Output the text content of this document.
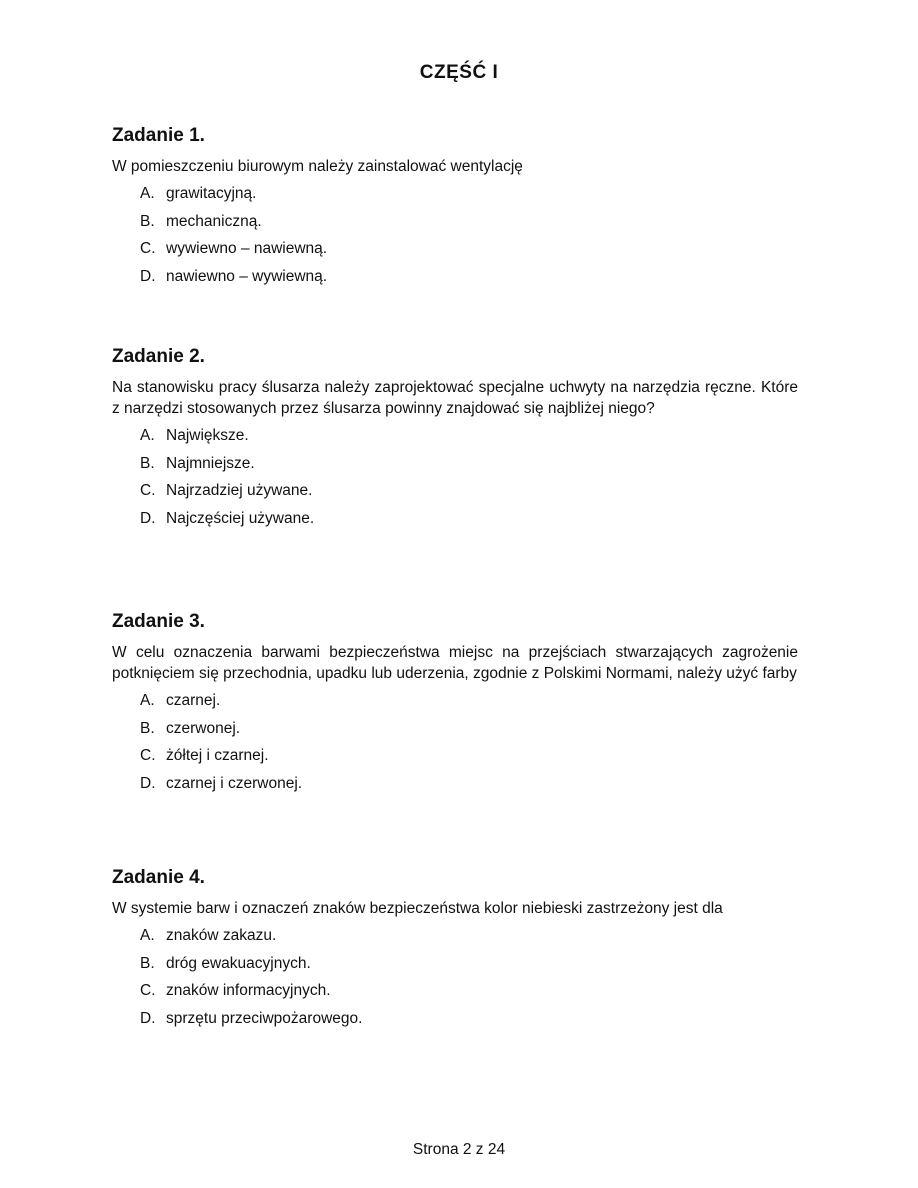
CZĘŚĆ I
Zadanie 1.

W pomieszczeniu biurowym należy zainstalować wentylację

A. grawitacyjną.
B. mechaniczną.
C. wywiewno – nawiewną.
D. nawiewno – wywiewną.
Zadanie 2.

Na stanowisku pracy ślusarza należy zaprojektować specjalne uchwyty na narzędzia ręczne. Które z narzędzi stosowanych przez ślusarza powinny znajdować się najbliżej niego?

A. Największe.
B. Najmniejsze.
C. Najrzadziej używane.
D. Najczęściej używane.
Zadanie 3.

W celu oznaczenia barwami bezpieczeństwa miejsc na przejściach stwarzających zagrożenie potknięciem się przechodnia, upadku lub uderzenia, zgodnie z Polskimi Normami, należy użyć farby

A. czarnej.
B. czerwonej.
C. żółtej i czarnej.
D. czarnej i czerwonej.
Zadanie 4.

W systemie barw i oznaczeń znaków bezpieczeństwa kolor niebieski zastrzeżony jest dla

A. znaków zakazu.
B. dróg ewakuacyjnych.
C. znaków informacyjnych.
D. sprzętu przeciwpożarowego.
Strona 2 z 24
